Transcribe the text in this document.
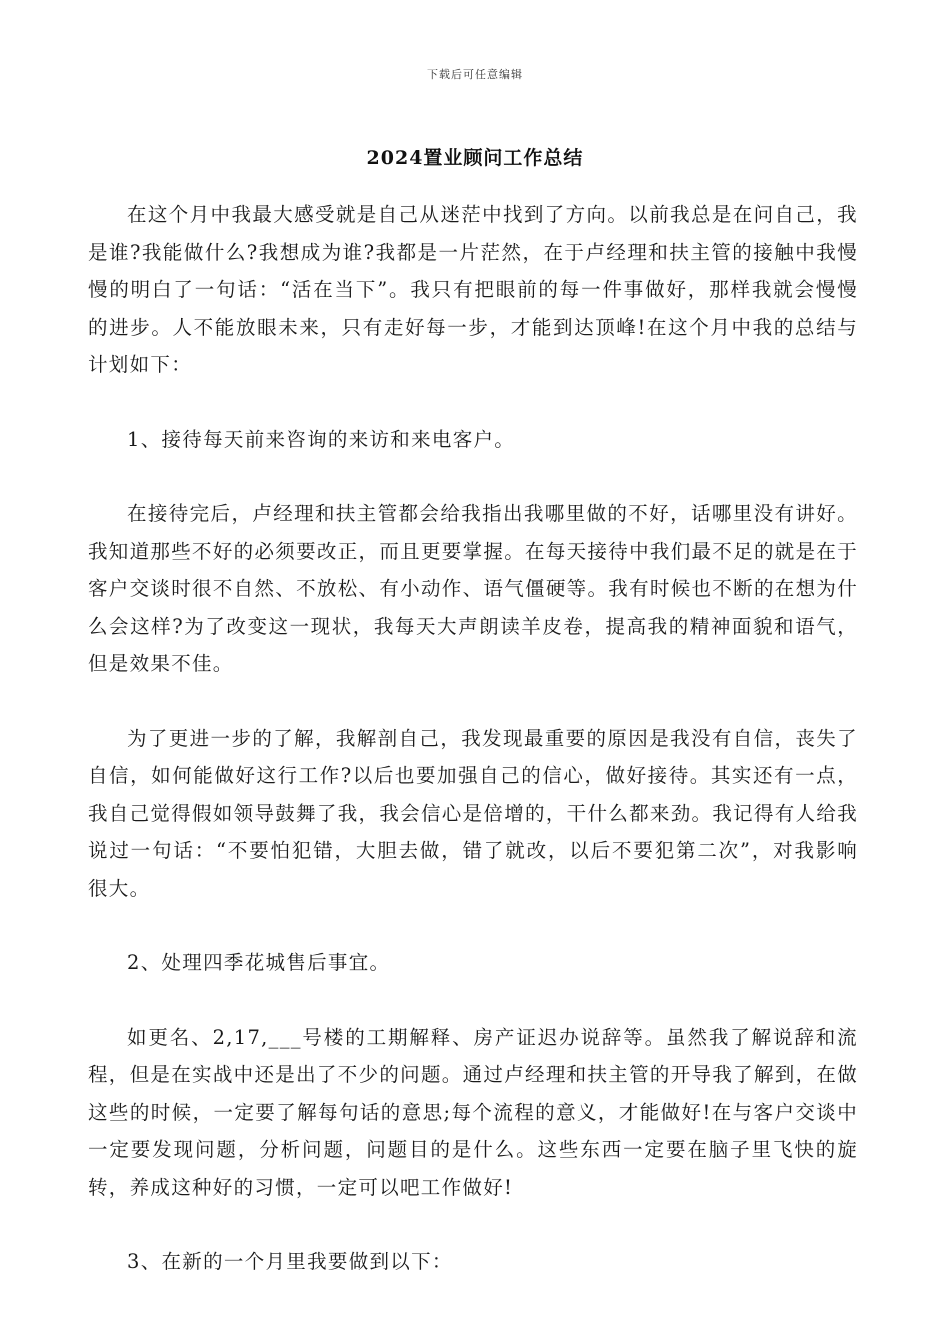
下载后可任意编辑
2024置业顾问工作总结

在这个月中我最大感受就是自己从迷茫中找到了方向。以前我总是在问自己，我是谁?我能做什么?我想成为谁?我都是一片茫然，在于卢经理和扶主管的接触中我慢慢的明白了一句话：“活在当下”。我只有把眼前的每一件事做好，那样我就会慢慢的进步。人不能放眼未来，只有走好每一步，才能到达顶峰!在这个月中我的总结与计划如下：

1、接待每天前来咨询的来访和来电客户。

在接待完后，卢经理和扶主管都会给我指出我哪里做的不好，话哪里没有讲好。我知道那些不好的必须要改正，而且更要掌握。在每天接待中我们最不足的就是在于客户交谈时很不自然、不放松、有小动作、语气僵硬等。我有时候也不断的在想为什么会这样?为了改变这一现状，我每天大声朗读羊皮卷，提高我的精神面貌和语气，但是效果不佳。

为了更进一步的了解，我解剖自己，我发现最重要的原因是我没有自信，丧失了自信，如何能做好这行工作?以后也要加强自己的信心，做好接待。其实还有一点，我自己觉得假如领导鼓舞了我，我会信心是倍增的，干什么都来劲。我记得有人给我说过一句话：“不要怕犯错，大胆去做，错了就改，以后不要犯第二次”，对我影响很大。

2、处理四季花城售后事宜。

如更名、2,17,___号楼的工期解释、房产证迟办说辞等。虽然我了解说辞和流程，但是在实战中还是出了不少的问题。通过卢经理和扶主管的开导我了解到，在做这些的时候，一定要了解每句话的意思;每个流程的意义，才能做好!在与客户交谈中一定要发现问题，分析问题，问题目的是什么。这些东西一定要在脑子里飞快的旋转，养成这种好的习惯，一定可以吧工作做好!

3、在新的一个月里我要做到以下：
